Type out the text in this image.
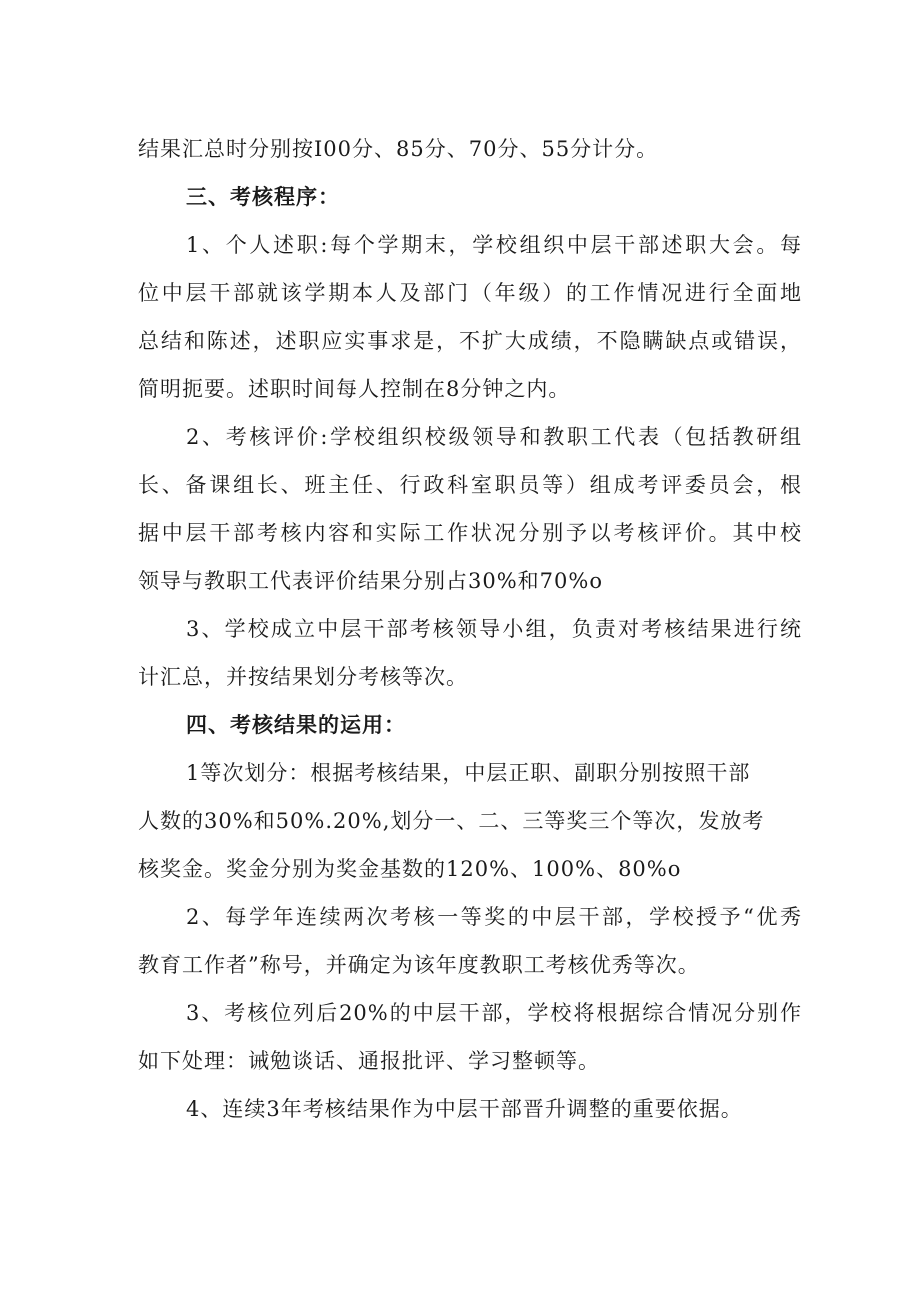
结果汇总时分别按I00分、85分、70分、55分计分。
三、考核程序：
1、个人述职:每个学期末，学校组织中层干部述职大会。每
位中层干部就该学期本人及部门（年级）的工作情况进行全面地
总结和陈述，述职应实事求是，不扩大成绩，不隐瞒缺点或错误，
简明扼要。述职时间每人控制在8分钟之内。
2、考核评价:学校组织校级领导和教职工代表（包括教研组
长、备课组长、班主任、行政科室职员等）组成考评委员会，根
据中层干部考核内容和实际工作状况分别予以考核评价。其中校
领导与教职工代表评价结果分别占30%和70%o
3、学校成立中层干部考核领导小组，负责对考核结果进行统
计汇总，并按结果划分考核等次。
四、考核结果的运用：
1等次划分：根据考核结果，中层正职、副职分别按照干部
人数的30%和50%.20%,划分一、二、三等奖三个等次，发放考
核奖金。奖金分别为奖金基数的120%、100%、80%o
2、每学年连续两次考核一等奖的中层干部，学校授予“优秀
教育工作者”称号，并确定为该年度教职工考核优秀等次。
3、考核位列后20%的中层干部，学校将根据综合情况分别作
如下处理：诫勉谈话、通报批评、学习整顿等。
4、连续3年考核结果作为中层干部晋升调整的重要依据。
